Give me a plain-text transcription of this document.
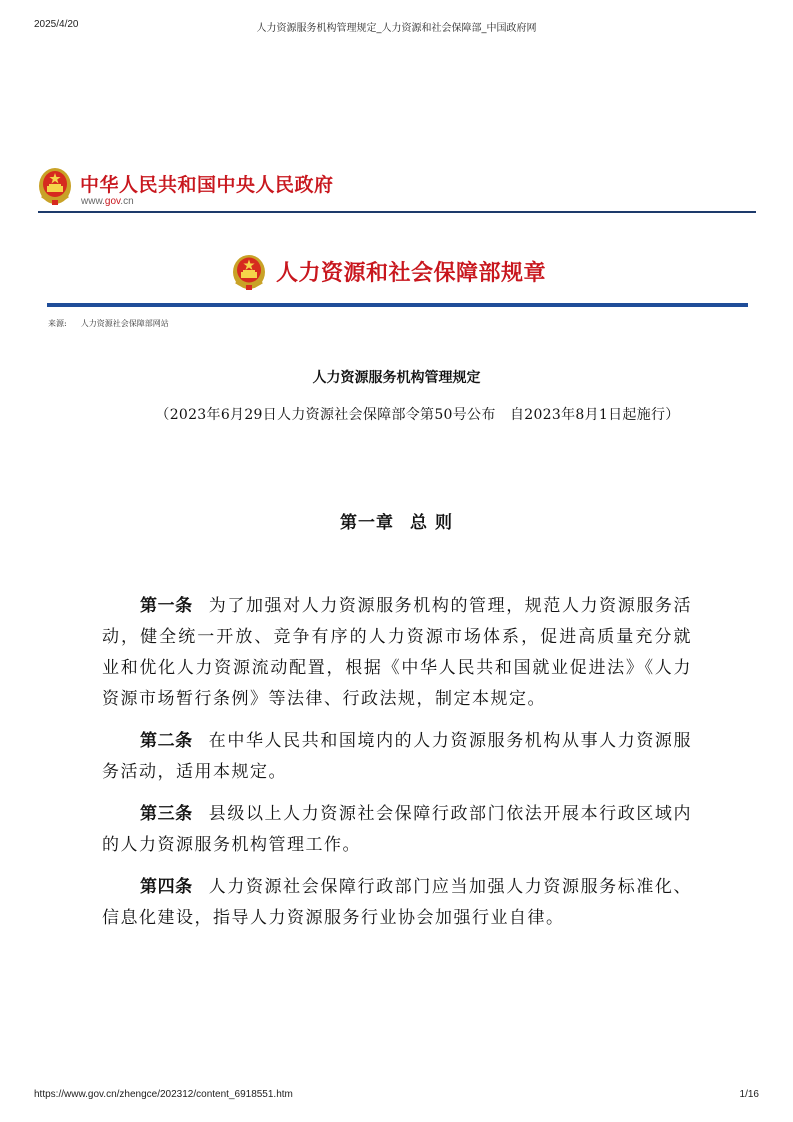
2025/4/20	人力资源服务机构管理规定_人力资源和社会保障部_中国政府网
中华人民共和国中央人民政府
www.gov.cn
人力资源和社会保障部规章
来源: 人力资源社会保障部网站
人力资源服务机构管理规定
（2023年6月29日人力资源社会保障部令第50号公布　自2023年8月1日起施行）
第一章 总 则

第一条 为了加强对人力资源服务机构的管理，规范人力资源服务活动，健全统一开放、竞争有序的人力资源市场体系，促进高质量充分就业和优化人力资源流动配置，根据《中华人民共和国就业促进法》《人力资源市场暂行条例》等法律、行政法规，制定本规定。

第二条 在中华人民共和国境内的人力资源服务机构从事人力资源服务活动，适用本规定。

第三条 县级以上人力资源社会保障行政部门依法开展本行政区域内的人力资源服务机构管理工作。

第四条 人力资源社会保障行政部门应当加强人力资源服务标准化、信息化建设，指导人力资源服务行业协会加强行业自律。

https://www.gov.cn/zhengce/202312/content_6918551.htm	1/16
